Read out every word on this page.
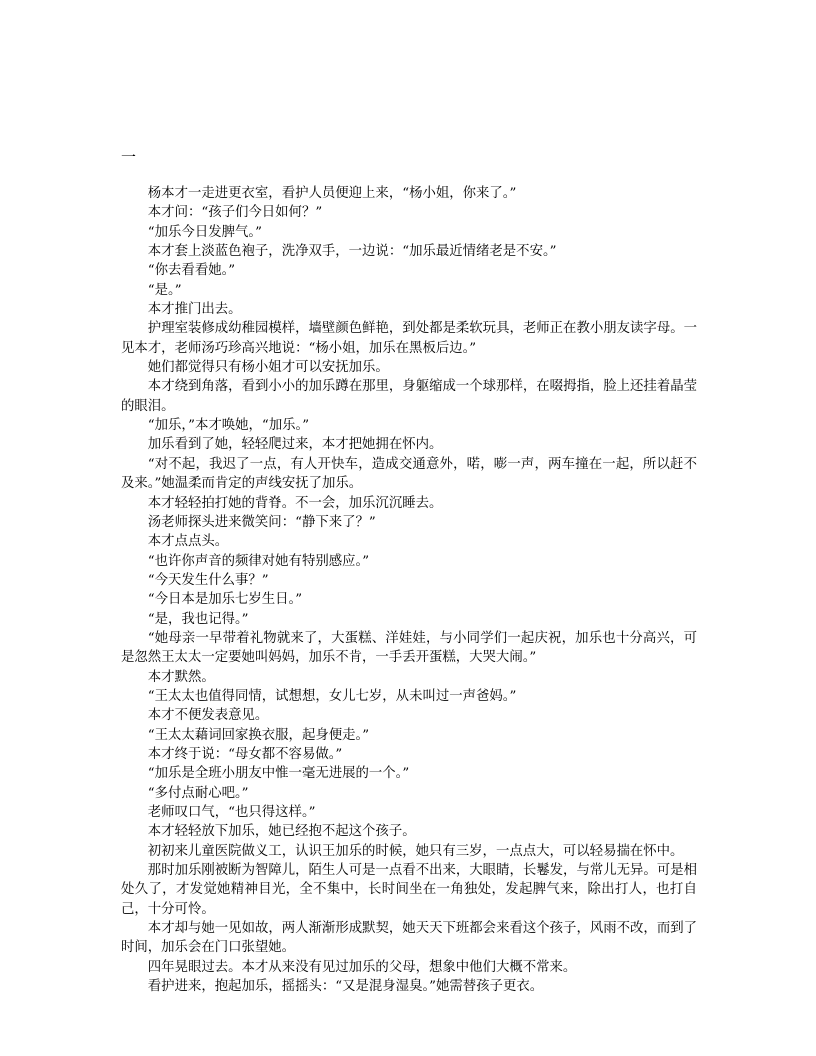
一

杨本才一走进更衣室，看护人员便迎上来，“杨小姐，你来了。”

本才问：“孩子们今日如何？”

“加乐今日发脾气。”

本才套上淡蓝色袍子，洗净双手，一边说：“加乐最近情绪老是不安。”

“你去看看她。”

“是。”

本才推门出去。

护理室装修成幼稚园模样，墙壁颜色鲜艳，到处都是柔软玩具，老师正在教小朋友读字母。一见本才，老师汤巧珍高兴地说：“杨小姐，加乐在黑板后边。”

她们都觉得只有杨小姐才可以安抚加乐。

本才绕到角落，看到小小的加乐蹲在那里，身躯缩成一个球那样，在啜拇指，脸上还挂着晶莹的眼泪。

“加乐，”本才唤她，“加乐。”

加乐看到了她，轻轻爬过来，本才把她拥在怀内。

“对不起，我迟了一点，有人开快车，造成交通意外，喏，嘭一声，两车撞在一起，所以赶不及来。”她温柔而肯定的声线安抚了加乐。

本才轻轻拍打她的背脊。不一会，加乐沉沉睡去。

汤老师探头进来微笑问：“静下来了？”

本才点点头。

“也许你声音的频律对她有特别感应。”

“今天发生什么事？”

“今日本是加乐七岁生日。”

“是，我也记得。”

“她母亲一早带着礼物就来了，大蛋糕、洋娃娃，与小同学们一起庆祝，加乐也十分高兴，可是忽然王太太一定要她叫妈妈，加乐不肯，一手丢开蛋糕，大哭大闹。”

本才默然。

“王太太也值得同情，试想想，女儿七岁，从未叫过一声爸妈。”

本才不便发表意见。

“王太太藉词回家换衣服，起身便走。”

本才终于说：“母女都不容易做。”

“加乐是全班小朋友中惟一毫无进展的一个。”

“多付点耐心吧。”

老师叹口气，“也只得这样。”

本才轻轻放下加乐，她已经抱不起这个孩子。

初初来儿童医院做义工，认识王加乐的时候，她只有三岁，一点点大，可以轻易揣在怀中。

那时加乐刚被断为智障儿，陌生人可是一点看不出来，大眼睛，长鬈发，与常儿无异。可是相处久了，才发觉她精神目光，全不集中，长时间坐在一角独处，发起脾气来，除出打人，也打自己，十分可怜。

本才却与她一见如故，两人渐渐形成默契，她天天下班都会来看这个孩子，风雨不改，而到了时间，加乐会在门口张望她。

四年晃眼过去。本才从来没有见过加乐的父母，想象中他们大概不常来。

看护进来，抱起加乐，摇摇头：“又是混身湿臭。”她需替孩子更衣。
